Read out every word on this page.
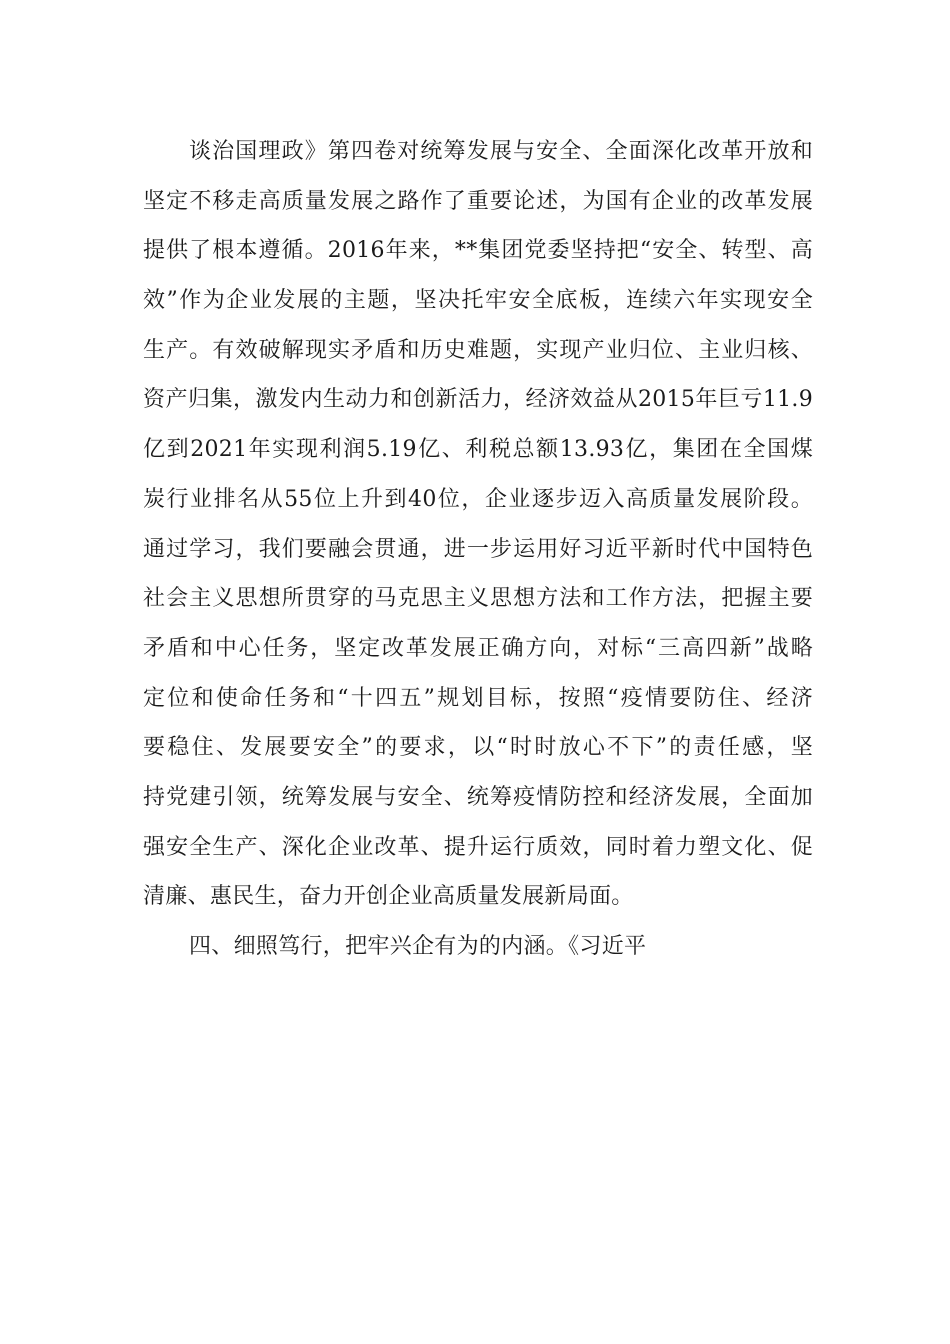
谈治国理政》第四卷对统筹发展与安全、全面深化改革开放和
坚定不移走高质量发展之路作了重要论述，为国有企业的改革发展
提供了根本遵循。2016年来，**集团党委坚持把“安全、转型、高
效”作为企业发展的主题，坚决托牢安全底板，连续六年实现安全
生产。有效破解现实矛盾和历史难题，实现产业归位、主业归核、
资产归集，激发内生动力和创新活力，经济效益从2015年巨亏11.9
亿到2021年实现利润5.19亿、利税总额13.93亿，集团在全国煤
炭行业排名从55位上升到40位，企业逐步迈入高质量发展阶段。
通过学习，我们要融会贯通，进一步运用好习近平新时代中国特色
社会主义思想所贯穿的马克思主义思想方法和工作方法，把握主要
矛盾和中心任务，坚定改革发展正确方向，对标“三高四新”战略
定位和使命任务和“十四五”规划目标，按照“疫情要防住、经济
要稳住、发展要安全”的要求，以“时时放心不下”的责任感，坚
持党建引领，统筹发展与安全、统筹疫情防控和经济发展，全面加
强安全生产、深化企业改革、提升运行质效，同时着力塑文化、促
清廉、惠民生，奋力开创企业高质量发展新局面。
四、细照笃行，把牢兴企有为的内涵。《习近平
